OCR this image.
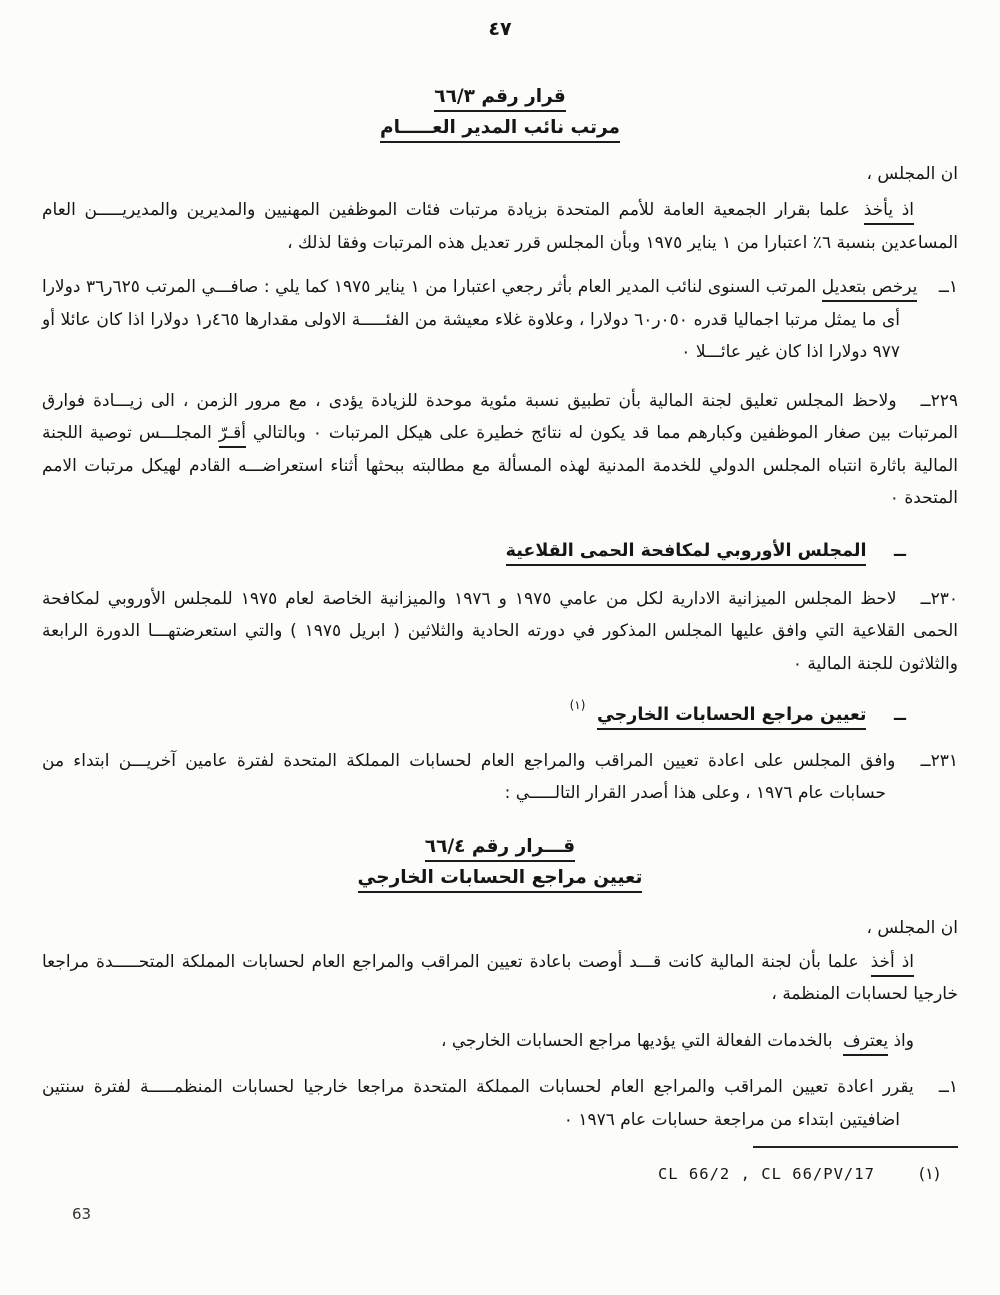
٤٧
قرار رقم ٦٦/٣
مرتب نائب المدير العـــــام

ان المجلس ،

اذ يأخذ علما بقرار الجمعية العامة للأمم المتحدة بزيادة مرتبات فئات الموظفين المهنيين والمديرين والمديريـــــن العام المساعدين بنسبة ٦٪ اعتبارا من ١ يناير ١٩٧٥ وبأن المجلس قرر تعديل هذه المرتبات وفقا لذلك ،

١ــ يرخص بتعديل المرتب السنوى لنائب المدير العام بأثر رجعي اعتبارا من ١ يناير ١٩٧٥ كما يلي : صافـــي المرتب ٦٢٥ر٣٦ دولارا أى ما يمثل مرتبا اجماليا قدره ٠٥٠ر٦٠ دولارا ، وعلاوة غلاء معيشة من الفئـــــة الاولى مقدارها ٤٦٥ر١ دولارا اذا كان عائلا أو ٩٧٧ دولارا اذا كان غير عائـــلا ٠

٢٢٩ــ ولاحظ المجلس تعليق لجنة المالية بأن تطبيق نسبة مئوية موحدة للزيادة يؤدى ، مع مرور الزمن ، الى زيـــادة فوارق المرتبات بين صغار الموظفين وكبارهم مما قد يكون له نتائج خطيرة على هيكل المرتبات ٠ وبالتالي أقـرّ المجلـــس توصية اللجنة المالية باثارة انتباه المجلس الدولي للخدمة المدنية لهذه المسألة مع مطالبته ببحثها أثناء استعراضـــه القادم لهيكل مرتبات الامم المتحدة ٠

ــ المجلس الأوروبي لمكافحة الحمى القلاعية

٢٣٠ــ لاحظ المجلس الميزانية الادارية لكل من عامي ١٩٧٥ و ١٩٧٦ والميزانية الخاصة لعام ١٩٧٥ للمجلس الأوروبي لمكافحة الحمى القلاعية التي وافق عليها المجلس المذكور في دورته الحادية والثلاثين ( ابريل ١٩٧٥ ) والتي استعرضتهـــا الدورة الرابعة والثلاثون للجنة المالية ٠

ــ تعيين مراجع الحسابات الخارجي $^{(١)}$

٢٣١ــ وافق المجلس على اعادة تعيين المراقب والمراجع العام لحسابات المملكة المتحدة لفترة عامين آخريـــن ابتداء من حسابات عام ١٩٧٦ ، وعلى هذا أصدر القرار التالـــــي :

قـــرار رقم ٦٦/٤
تعيين مراجع الحسابات الخارجي

ان المجلس ،

اذ أخذ علما بأن لجنة المالية كانت قـــد أوصت باعادة تعيين المراقب والمراجع العام لحسابات المملكة المتحـــــدة مراجعا خارجيا لحسابات المنظمة ،

واذ يعترف بالخدمات الفعالة التي يؤديها مراجع الحسابات الخارجي ،

١ــ يقرر اعادة تعيين المراقب والمراجع العام لحسابات المملكة المتحدة مراجعا خارجيا لحسابات المنظمـــــة لفترة سنتين اضافيتين ابتداء من مراجعة حسابات عام ١٩٧٦ ٠

(١)
CL 66/2 , CL 66/PV/17
63
